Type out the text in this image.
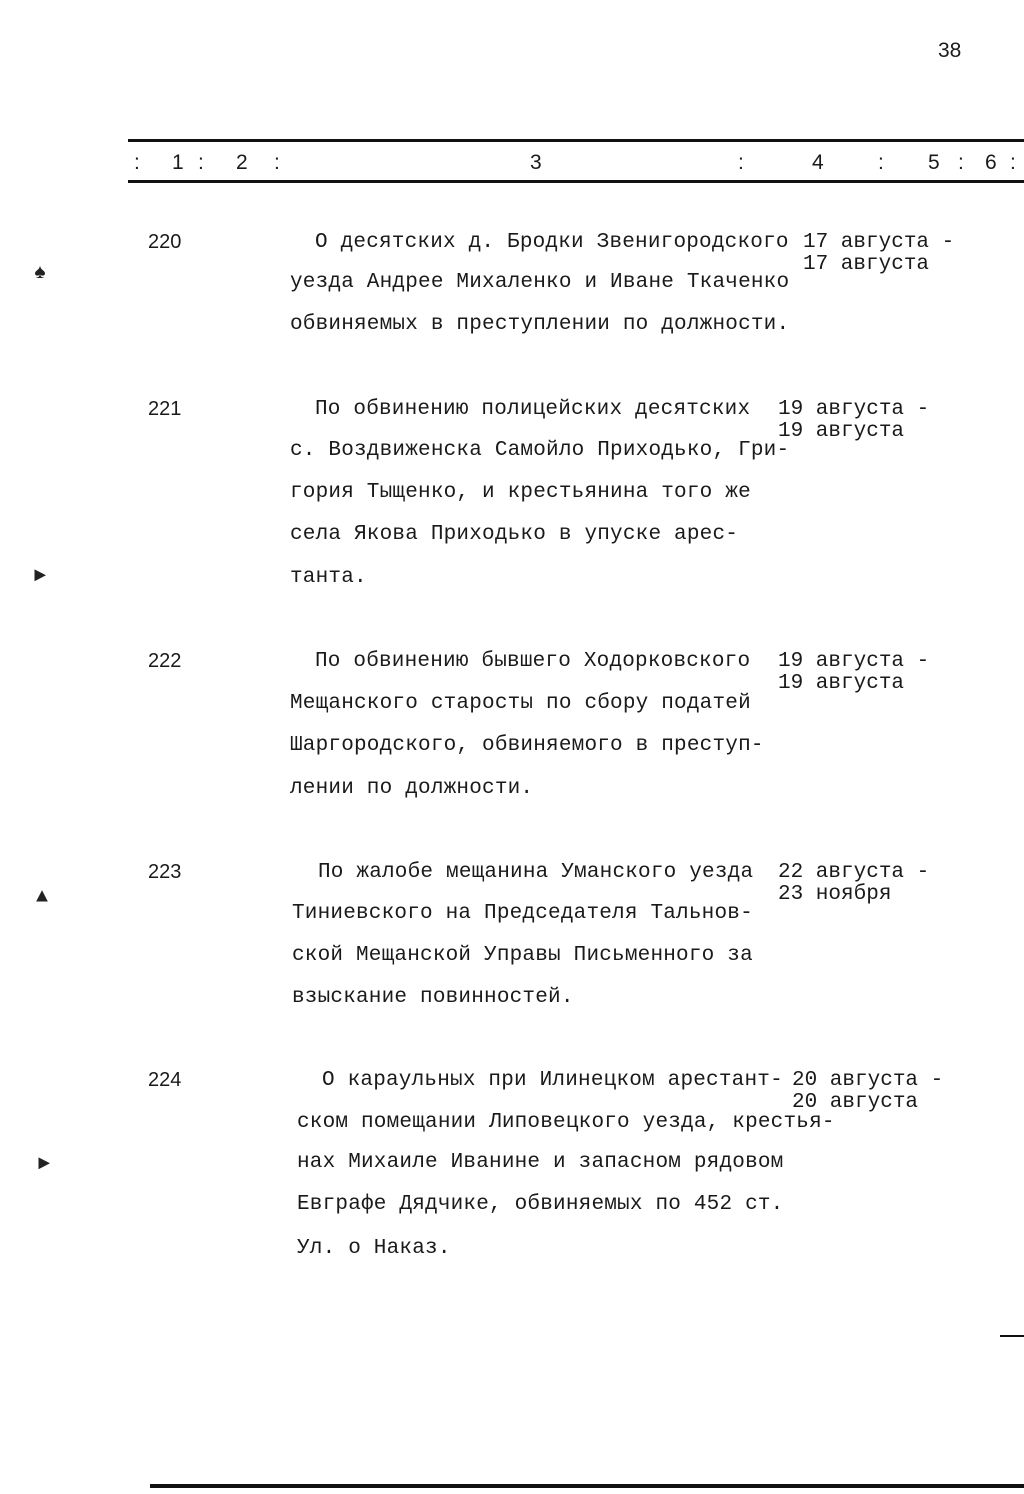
38
: 1 : 2 :	3	:	4	: 5 : 6 :
220	О десятских д. Бродки Звенигородского
уезда Андрее Михаленко и Иване Ткаченко
обвиняемых в преступлении по должности.
17 августа -
17 августа
221	По обвинению полицейских десятских
с. Воздвиженска Самойло Приходько, Гри-
гория Тыщенко, и крестьянина того же
села Якова Приходько в упуске арес-
танта.
19 августа -
19 августа
222	По обвинению бывшего Ходорковского
Мещанского старосты по сбору податей
Шаргородского, обвиняемого в преступ-
лении по должности.
19 августа -
19 августа
223	По жалобе мещанина Уманского уезда
Тиниевского на Председателя Тальнов-
ской Мещанской Управы Письменного за
взыскание повинностей.
22 августа -
23 ноября
224	О караульных при Илинецком арестант-
ском помещании Липовецкого уезда, крестья-
нах Михаиле Иванине и запасном рядовом
Евграфе Дядчике, обвиняемых по 452 ст.
Ул. о Наказ.
20 августа -
20 августа
♠
►
▲
►
